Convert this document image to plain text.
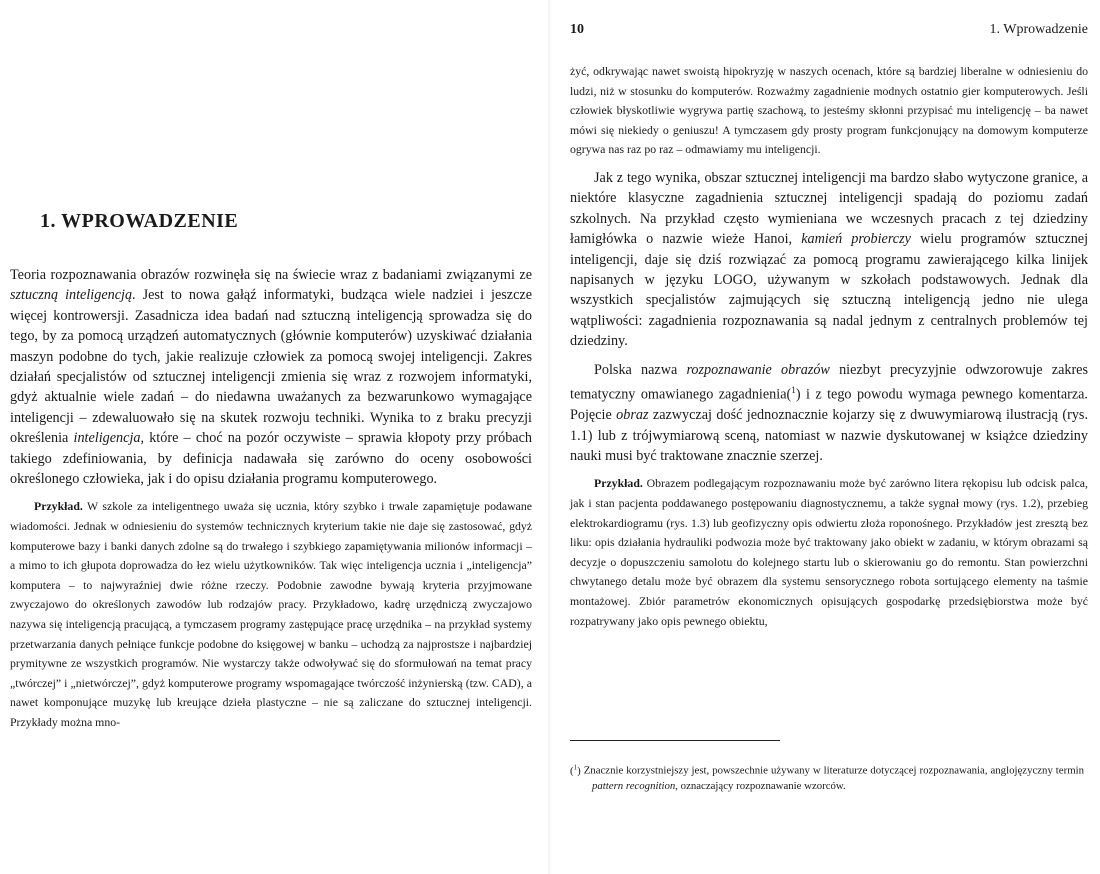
1. WPROWADZENIE

Teoria rozpoznawania obrazów rozwinęła się na świecie wraz z badaniami związanymi ze sztuczną inteligencją. Jest to nowa gałąź informatyki, budząca wiele nadziei i jeszcze więcej kontrowersji. Zasadnicza idea badań nad sztuczną inteligencją sprowadza się do tego, by za pomocą urządzeń automatycznych (głównie komputerów) uzyskiwać działania maszyn podobne do tych, jakie realizuje człowiek za pomocą swojej inteligencji. Zakres działań specjalistów od sztucznej inteligencji zmienia się wraz z rozwojem informatyki, gdyż aktualnie wiele zadań – do niedawna uważanych za bezwarunkowo wymagające inteligencji – zdewaluowało się na skutek rozwoju techniki. Wynika to z braku precyzji określenia inteligencja, które – choć na pozór oczywiste – sprawia kłopoty przy próbach takiego zdefiniowania, by definicja nadawała się zarówno do oceny osobowości określonego człowieka, jak i do opisu działania programu komputerowego.

Przykład. W szkole za inteligentnego uważa się ucznia, który szybko i trwale zapamiętuje podawane wiadomości. Jednak w odniesieniu do systemów technicznych kryterium takie nie daje się zastosować, gdyż komputerowe bazy i banki danych zdolne są do trwałego i szybkiego zapamiętywania milionów informacji – a mimo to ich głupota doprowadza do łez wielu użytkowników. Tak więc inteligencja ucznia i „inteligencja” komputera – to najwyraźniej dwie różne rzeczy. Podobnie zawodne bywają kryteria przyjmowane zwyczajowo do określonych zawodów lub rodzajów pracy. Przykładowo, kadrę urzędniczą zwyczajowo nazywa się inteligencją pracującą, a tymczasem programy zastępujące pracę urzędnika – na przykład systemy przetwarzania danych pełniące funkcje podobne do księgowej w banku – uchodzą za najprostsze i najbardziej prymitywne ze wszystkich programów. Nie wystarczy także odwoływać się do sformułowań na temat pracy „twórczej” i „nietwórczej”, gdyż komputerowe programy wspomagające twórczość inżynierską (tzw. CAD), a nawet komponujące muzykę lub kreujące dzieła plastyczne – nie są zaliczane do sztucznej inteligencji. Przykłady można mno-

10	1. Wprowadzenie

żyć, odkrywając nawet swoistą hipokryzję w naszych ocenach, które są bardziej liberalne w odniesieniu do ludzi, niż w stosunku do komputerów. Rozważmy zagadnienie modnych ostatnio gier komputerowych. Jeśli człowiek błyskotliwie wygrywa partię szachową, to jesteśmy skłonni przypisać mu inteligencję – ba nawet mówi się niekiedy o geniuszu! A tymczasem gdy prosty program funkcjonujący na domowym komputerze ogrywa nas raz po raz – odmawiamy mu inteligencji.

Jak z tego wynika, obszar sztucznej inteligencji ma bardzo słabo wytyczone granice, a niektóre klasyczne zagadnienia sztucznej inteligencji spadają do poziomu zadań szkolnych. Na przykład często wymieniana we wczesnych pracach z tej dziedziny łamigłówka o nazwie wieże Hanoi, kamień probierczy wielu programów sztucznej inteligencji, daje się dziś rozwiązać za pomocą programu zawierającego kilka linijek napisanych w języku LOGO, używanym w szkołach podstawowych. Jednak dla wszystkich specjalistów zajmujących się sztuczną inteligencją jedno nie ulega wątpliwości: zagadnienia rozpoznawania są nadal jednym z centralnych problemów tej dziedziny.

Polska nazwa rozpoznawanie obrazów niezbyt precyzyjnie odwzorowuje zakres tematyczny omawianego zagadnienia($^1$) i z tego powodu wymaga pewnego komentarza. Pojęcie obraz zazwyczaj dość jednoznacznie kojarzy się z dwuwymiarową ilustracją (rys. 1.1) lub z trójwymiarową sceną, natomiast w nazwie dyskutowanej w książce dziedziny nauki musi być traktowane znacznie szerzej.

Przykład. Obrazem podlegającym rozpoznawaniu może być zarówno litera rękopisu lub odcisk palca, jak i stan pacjenta poddawanego postępowaniu diagnostycznemu, a także sygnał mowy (rys. 1.2), przebieg elektrokardiogramu (rys. 1.3) lub geofizyczny opis odwiertu złoża roponośnego. Przykładów jest zresztą bez liku: opis działania hydrauliki podwozia może być traktowany jako obiekt w zadaniu, w którym obrazami są decyzje o dopuszczeniu samolotu do kolejnego startu lub o skierowaniu go do remontu. Stan powierzchni chwytanego detalu może być obrazem dla systemu sensorycznego robota sortującego elementy na taśmie montażowej. Zbiór parametrów ekonomicznych opisujących gospodarkę przedsiębiorstwa może być rozpatrywany jako opis pewnego obiektu,

($^1$) Znacznie korzystniejszy jest, powszechnie używany w literaturze dotyczącej rozpoznawania, anglojęzyczny termin pattern recognition, oznaczający rozpoznawanie wzorców.
